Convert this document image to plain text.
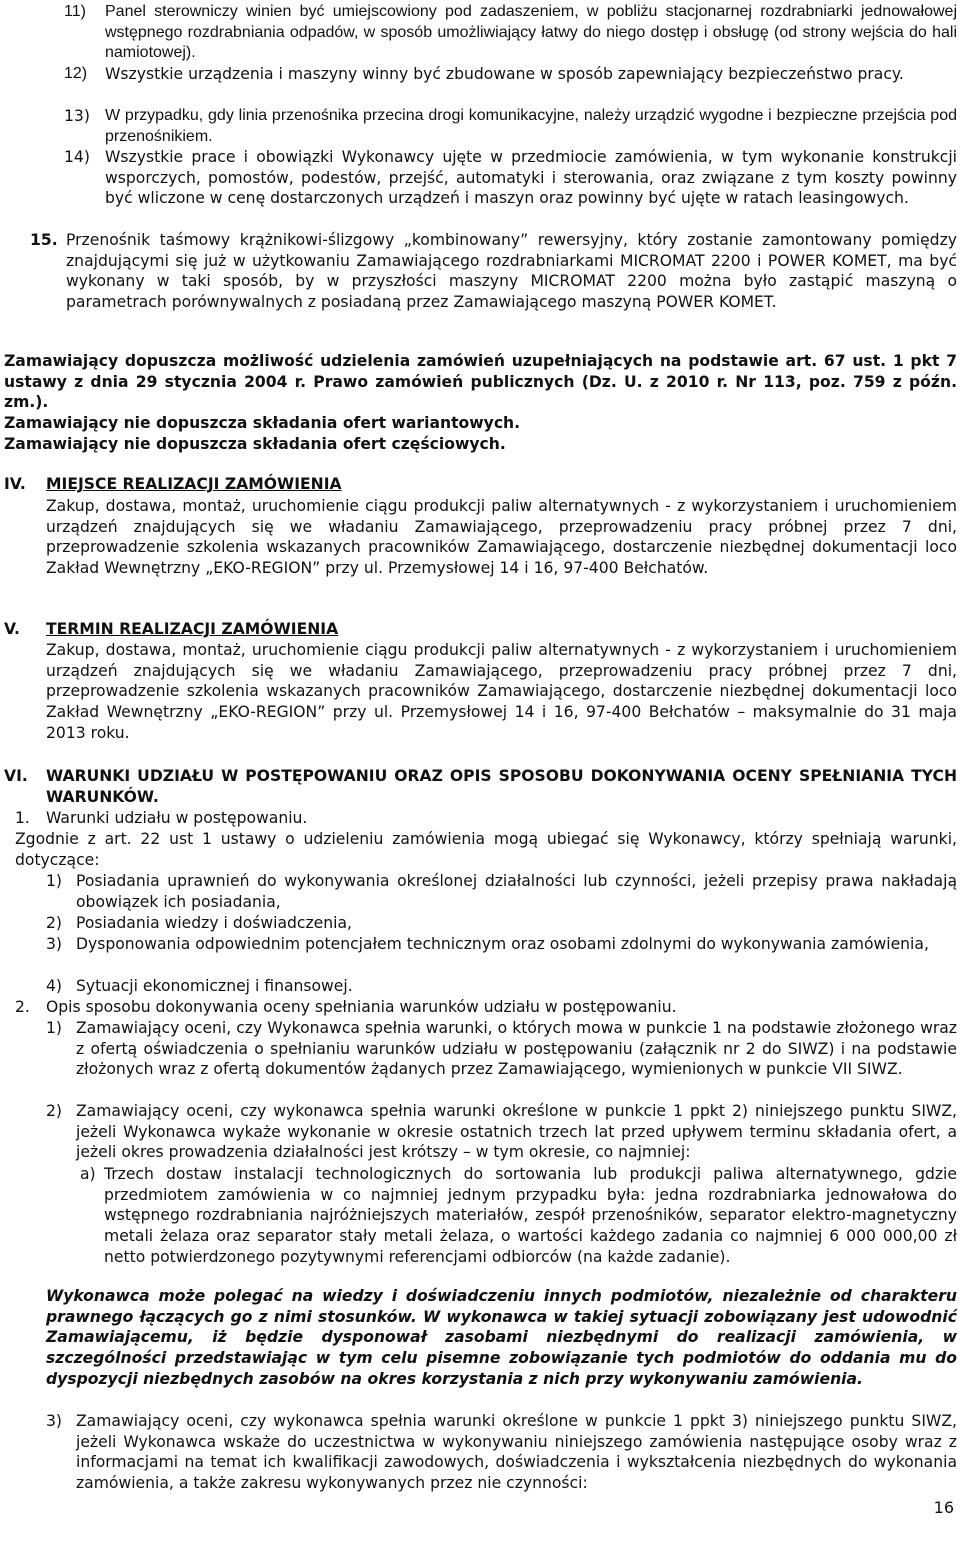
11) Panel sterowniczy winien być umiejscowiony pod zadaszeniem, w pobliżu stacjonarnej rozdrabniarki jednowałowej wstępnego rozdrabniania odpadów, w sposób umożliwiający łatwy do niego dostęp i obsługę (od strony wejścia do hali namiotowej).
12) Wszystkie urządzenia i maszyny winny być zbudowane w sposób zapewniający bezpieczeństwo pracy.
13) W przypadku, gdy linia przenośnika przecina drogi komunikacyjne, należy urządzić wygodne i bezpieczne przejścia pod przenośnikiem.
14) Wszystkie prace i obowiązki Wykonawcy ujęte w przedmiocie zamówienia, w tym wykonanie konstrukcji wsporczych, pomostów, podestów, przejść, automatyki i sterowania, oraz związane z tym koszty powinny być wliczone w cenę dostarczonych urządzeń i maszyn oraz powinny być ujęte w ratach leasingowych.
15. Przenośnik taśmowy krążnikowi-ślizgowy „kombinowany” rewersyjny, który zostanie zamontowany pomiędzy znajdującymi się już w użytkowaniu Zamawiającego rozdrabniarkami MICROMAT 2200 i POWER KOMET, ma być wykonany w taki sposób, by w przyszłości maszyny MICROMAT 2200 można było zastąpić maszyną o parametrach porównywalnych z posiadaną przez Zamawiającego maszyną POWER KOMET.
Zamawiający dopuszcza możliwość udzielenia zamówień uzupełniających na podstawie art. 67 ust. 1 pkt 7 ustawy z dnia 29 stycznia 2004 r. Prawo zamówień publicznych (Dz. U. z 2010 r. Nr 113, poz. 759 z późn. zm.).
Zamawiający nie dopuszcza składania ofert wariantowych.
Zamawiający nie dopuszcza składania ofert częściowych.
IV. MIEJSCE REALIZACJI ZAMÓWIENIA
Zakup, dostawa, montaż, uruchomienie ciągu produkcji paliw alternatywnych - z wykorzystaniem i uruchomieniem urządzeń znajdujących się we władaniu Zamawiającego, przeprowadzeniu pracy próbnej przez 7 dni, przeprowadzenie szkolenia wskazanych pracowników Zamawiającego, dostarczenie niezbędnej dokumentacji loco Zakład Wewnętrzny „EKO-REGION” przy ul. Przemysłowej 14 i 16, 97-400 Bełchatów.
V. TERMIN REALIZACJI ZAMÓWIENIA
Zakup, dostawa, montaż, uruchomienie ciągu produkcji paliw alternatywnych - z wykorzystaniem i uruchomieniem urządzeń znajdujących się we władaniu Zamawiającego, przeprowadzeniu pracy próbnej przez 7 dni, przeprowadzenie szkolenia wskazanych pracowników Zamawiającego, dostarczenie niezbędnej dokumentacji loco Zakład Wewnętrzny „EKO-REGION” przy ul. Przemysłowej 14 i 16, 97-400 Bełchatów – maksymalnie do 31 maja 2013 roku.
VI. WARUNKI UDZIAŁU W POSTĘPOWANIU ORAZ OPIS SPOSOBU DOKONYWANIA OCENY SPEŁNIANIA TYCH WARUNKÓW.
1. Warunki udziału w postępowaniu.
Zgodnie z art. 22 ust 1 ustawy o udzieleniu zamówienia mogą ubiegać się Wykonawcy, którzy spełniają warunki, dotyczące:
1) Posiadania uprawnień do wykonywania określonej działalności lub czynności, jeżeli przepisy prawa nakładają obowiązek ich posiadania,
2) Posiadania wiedzy i doświadczenia,
3) Dysponowania odpowiednim potencjałem technicznym oraz osobami zdolnymi do wykonywania zamówienia,
4) Sytuacji ekonomicznej i finansowej.
2. Opis sposobu dokonywania oceny spełniania warunków udziału w postępowaniu.
1) Zamawiający oceni, czy Wykonawca spełnia warunki, o których mowa w punkcie 1 na podstawie złożonego wraz z ofertą oświadczenia o spełnianiu warunków udziału w postępowaniu (załącznik nr 2 do SIWZ) i na podstawie złożonych wraz z ofertą dokumentów żądanych przez Zamawiającego, wymienionych w punkcie VII SIWZ.
2) Zamawiający oceni, czy wykonawca spełnia warunki określone w punkcie 1 ppkt 2) niniejszego punktu SIWZ, jeżeli Wykonawca wykaże wykonanie w okresie ostatnich trzech lat przed upływem terminu składania ofert, a jeżeli okres prowadzenia działalności jest krótszy – w tym okresie, co najmniej:
a) Trzech dostaw instalacji technologicznych do sortowania lub produkcji paliwa alternatywnego, gdzie przedmiotem zamówienia w co najmniej jednym przypadku była: jedna rozdrabniarka jednowałowa do wstępnego rozdrabniania najróżniejszych materiałów, zespół przenośników, separator elektro-magnetyczny metali żelaza oraz separator stały metali żelaza, o wartości każdego zadania co najmniej 6 000 000,00 zł netto potwierdzonego pozytywnymi referencjami odbiorców (na każde zadanie).
Wykonawca może polegać na wiedzy i doświadczeniu innych podmiotów, niezależnie od charakteru prawnego łączących go z nimi stosunków. W wykonawca w takiej sytuacji zobowiązany jest udowodnić Zamawiającemu, iż będzie dysponował zasobami niezbędnymi do realizacji zamówienia, w szczególności przedstawiając w tym celu pisemne zobowiązanie tych podmiotów do oddania mu do dyspozycji niezbędnych zasobów na okres korzystania z nich przy wykonywaniu zamówienia.
3) Zamawiający oceni, czy wykonawca spełnia warunki określone w punkcie 1 ppkt 3) niniejszego punktu SIWZ, jeżeli Wykonawca wskaże do uczestnictwa w wykonywaniu niniejszego zamówienia następujące osoby wraz z informacjami na temat ich kwalifikacji zawodowych, doświadczenia i wykształcenia niezbędnych do wykonania zamówienia, a także zakresu wykonywanych przez nie czynności:
16
